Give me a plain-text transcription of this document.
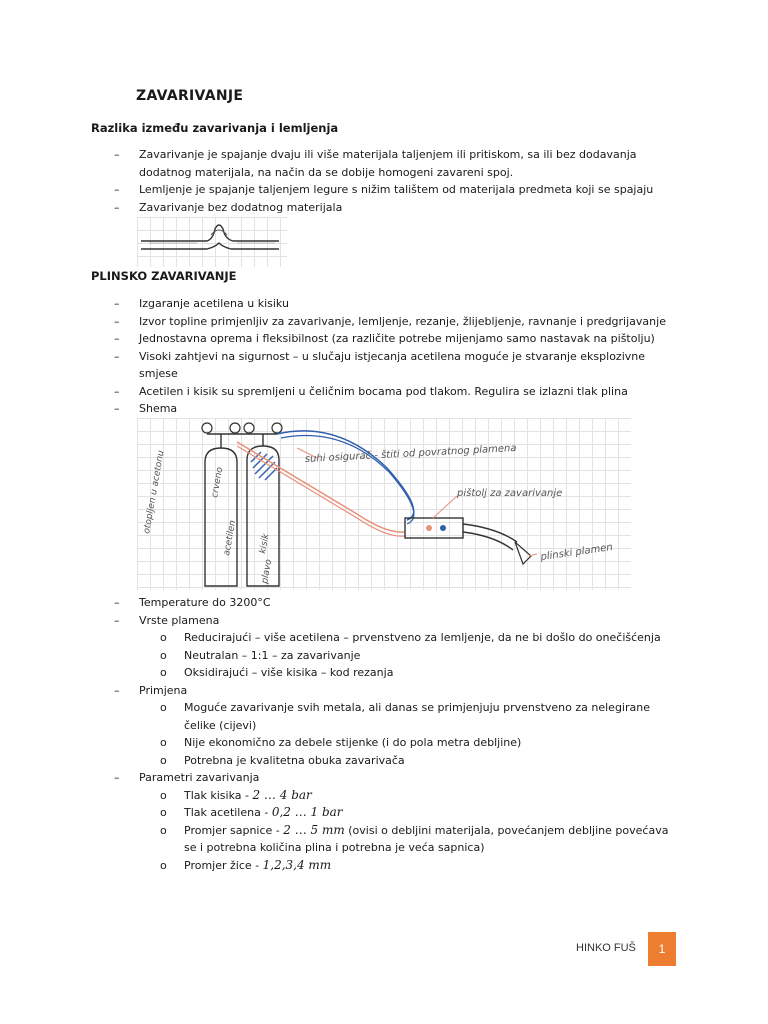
ZAVARIVANJE
Razlika između zavarivanja i lemljenja
– Zavarivanje je spajanje dvaju ili više materijala taljenjem ili pritiskom, sa ili bez dodavanja dodatnog materijala, na način da se dobije homogeni zavareni spoj.
– Lemljenje je spajanje taljenjem legure s nižim talištem od materijala predmeta koji se spajaju
– Zavarivanje bez dodatnog materijala
PLINSKO ZAVARIVANJE
– Izgaranje acetilena u kisiku
– Izvor topline primjenljiv za zavarivanje, lemljenje, rezanje, žlijebljenje, ravnanje i predgrijavanje
– Jednostavna oprema i fleksibilnost (za različite potrebe mijenjamo samo nastavak na pištolju)
– Visoki zahtjevi na sigurnost – u slučaju istjecanja acetilena moguće je stvaranje eksplozivne smjese
– Acetilen i kisik su spremljeni u čeličnim bocama pod tlakom. Regulira se izlazni tlak plina
– Shema
suhi osigurač - štiti od povratnog plamena
pištolj za zavarivanje
plinski plamen
otopljen u acetonu	crveno
acetilen kisik
plavo
– Temperature do 3200°C
– Vrste plamena
o Reducirajući – više acetilena – prvenstveno za lemljenje, da ne bi došlo do onečišćenja
o Neutralan – 1:1 – za zavarivanje
o Oksidirajući – više kisika – kod rezanja
– Primjena
o Moguće zavarivanje svih metala, ali danas se primjenjuju prvenstveno za nelegirane čelike (cijevi)
o Nije ekonomično za debele stijenke (i do pola metra debljine)
o Potrebna je kvalitetna obuka zavarivača
– Parametri zavarivanja
o Tlak kisika - 2 … 4 bar
o Tlak acetilena - 0,2 … 1 bar
o Promjer sapnice - 2 … 5 mm (ovisi o debljini materijala, povećanjem debljine povećava se i potrebna količina plina i potrebna je veća sapnica)
o Promjer žice - 1,2,3,4 mm
HINKO FUŠ	1
